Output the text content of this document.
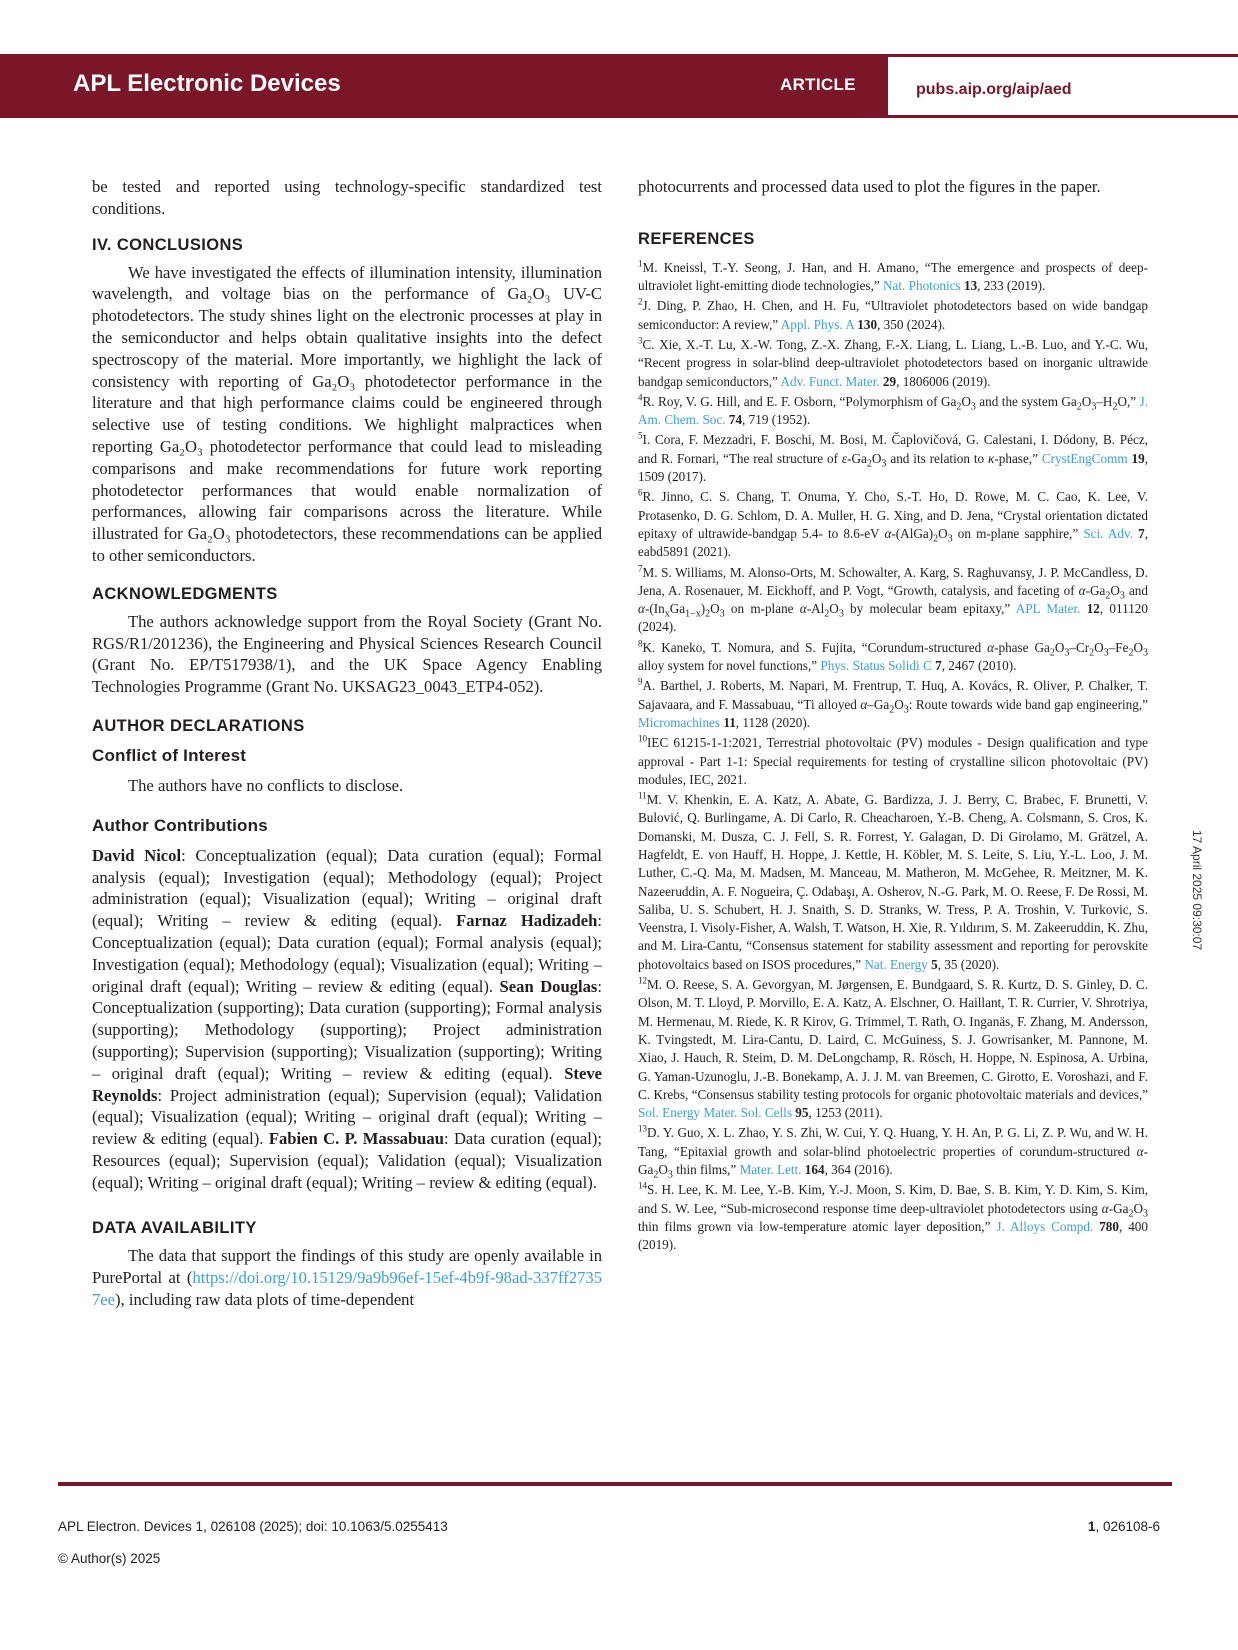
APL Electronic Devices	ARTICLE	pubs.aip.org/aip/aed

be tested and reported using technology-specific standardized test conditions.

IV. CONCLUSIONS

We have investigated the effects of illumination intensity, illumination wavelength, and voltage bias on the performance of Ga₂O₃ UV-C photodetectors. The study shines light on the electronic processes at play in the semiconductor and helps obtain qualitative insights into the defect spectroscopy of the material. More importantly, we highlight the lack of consistency with reporting of Ga₂O₃ photodetector performance in the literature and that high performance claims could be engineered through selective use of testing conditions. We highlight malpractices when reporting Ga₂O₃ photodetector performance that could lead to misleading comparisons and make recommendations for future work reporting photodetector performances that would enable normalization of performances, allowing fair comparisons across the literature. While illustrated for Ga₂O₃ photodetectors, these recommendations can be applied to other semiconductors.

ACKNOWLEDGMENTS

The authors acknowledge support from the Royal Society (Grant No. RGS/R1/201236), the Engineering and Physical Sciences Research Council (Grant No. EP/T517938/1), and the UK Space Agency Enabling Technologies Programme (Grant No. UKSAG23_0043_ETP4-052).

AUTHOR DECLARATIONS
Conflict of Interest

The authors have no conflicts to disclose.

Author Contributions

David Nicol: Conceptualization (equal); Data curation (equal); Formal analysis (equal); Investigation (equal); Methodology (equal); Project administration (equal); Visualization (equal); Writing – original draft (equal); Writing – review & editing (equal). Farnaz Hadizadeh: Conceptualization (equal); Data curation (equal); Formal analysis (equal); Investigation (equal); Methodology (equal); Visualization (equal); Writing – original draft (equal); Writing – review & editing (equal). Sean Douglas: Conceptualization (supporting); Data curation (supporting); Formal analysis (supporting); Methodology (supporting); Project administration (supporting); Supervision (supporting); Visualization (supporting); Writing – original draft (equal); Writing – review & editing (equal). Steve Reynolds: Project administration (equal); Supervision (equal); Validation (equal); Visualization (equal); Writing – original draft (equal); Writing – review & editing (equal). Fabien C. P. Massabuau: Data curation (equal); Resources (equal); Supervision (equal); Validation (equal); Visualization (equal); Writing – original draft (equal); Writing – review & editing (equal).

DATA AVAILABILITY

The data that support the findings of this study are openly available in PurePortal at (https://doi.org/10.15129/9a9b96ef-15ef-4b9f-98ad-337ff27357ee), including raw data plots of time-dependent

photocurrents and processed data used to plot the figures in the paper.

REFERENCES

$^1$M. Kneissl, T.-Y. Seong, J. Han, and H. Amano, “The emergence and prospects of deep-ultraviolet light-emitting diode technologies,” Nat. Photonics 13, 233 (2019).

$^2$J. Ding, P. Zhao, H. Chen, and H. Fu, “Ultraviolet photodetectors based on wide bandgap semiconductor: A review,” Appl. Phys. A 130, 350 (2024).

$^3$C. Xie, X.-T. Lu, X.-W. Tong, Z.-X. Zhang, F.-X. Liang, L. Liang, L.-B. Luo, and Y.-C. Wu, “Recent progress in solar-blind deep-ultraviolet photodetectors based on inorganic ultrawide bandgap semiconductors,” Adv. Funct. Mater. 29, 1806006 (2019).

$^4$R. Roy, V. G. Hill, and E. F. Osborn, “Polymorphism of $Ga_2O_3$ and the system $Ga_2O_3-H_2O$,” J. Am. Chem. Soc. 74, 719 (1952).

$^5$I. Cora, F. Mezzadri, F. Boschi, M. Bosi, M. Čaplovičová, G. Calestani, I. Dódony, B. Pécz, and R. Fornari, “The real structure of $\varepsilon-Ga_2O_3$ and its relation to κ-phase,” CrystEngComm 19, 1509 (2017).

$^6$R. Jinno, C. S. Chang, T. Onuma, Y. Cho, S.-T. Ho, D. Rowe, M. C. Cao, K. Lee, V. Protasenko, D. G. Schlom, D. A. Muller, H. G. Xing, and D. Jena, “Crystal orientation dictated epitaxy of ultrawide-bandgap 5.4- to 8.6-eV $\alpha-(AlGa)_2O_3$ on m-plane sapphire,” Sci. Adv. 7, eabd5891 (2021).

$^7$M. S. Williams, M. Alonso-Orts, M. Schowalter, A. Karg, S. Raghuvansy, J. P. McCandless, D. Jena, A. Rosenauer, M. Eickhoff, and P. Vogt, “Growth, catalysis, and faceting of $\alpha-Ga_2O_3$ and $\alpha-(In_xGa_{1-x})_2O_3$ on m-plane $\alpha-Al_2O_3$ by molecular beam epitaxy,” APL Mater. 12, 011120 (2024).

$^8$K. Kaneko, T. Nomura, and S. Fujita, “Corundum-structured α-phase $Ga_2O_3-Cr_2O_3-Fe_2O_3$ alloy system for novel functions,” Phys. Status Solidi C 7, 2467 (2010).

$^9$A. Barthel, J. Roberts, M. Napari, M. Frentrup, T. Huq, A. Kovács, R. Oliver, P. Chalker, T. Sajavaara, and F. Massabuau, “Ti alloyed $\alpha-Ga_2O_3$: Route towards wide band gap engineering,” Micromachines 11, 1128 (2020).

$^{10}$IEC 61215-1-1:2021, Terrestrial photovoltaic (PV) modules - Design qualification and type approval - Part 1-1: Special requirements for testing of crystalline silicon photovoltaic (PV) modules, IEC, 2021.

$^{11}$M. V. Khenkin, E. A. Katz, A. Abate, G. Bardizza, J. J. Berry, C. Brabec, F. Brunetti, V. Bulović, Q. Burlingame, A. Di Carlo, R. Cheacharoen, Y.-B. Cheng, A. Colsmann, S. Cros, K. Domanski, M. Dusza, C. J. Fell, S. R. Forrest, Y. Galagan, D. Di Girolamo, M. Grätzel, A. Hagfeldt, E. von Hauff, H. Hoppe, J. Kettle, H. Köbler, M. S. Leite, S. Liu, Y.-L. Loo, J. M. Luther, C.-Q. Ma, M. Madsen, M. Manceau, M. Matheron, M. McGehee, R. Meitzner, M. K. Nazeeruddin, A. F. Nogueira, Ç. Odabaşı, A. Osherov, N.-G. Park, M. O. Reese, F. De Rossi, M. Saliba, U. S. Schubert, H. J. Snaith, S. D. Stranks, W. Tress, P. A. Troshin, V. Turkovic, S. Veenstra, I. Visoly-Fisher, A. Walsh, T. Watson, H. Xie, R. Yıldırım, S. M. Zakeeruddin, K. Zhu, and M. Lira-Cantu, “Consensus statement for stability assessment and reporting for perovskite photovoltaics based on ISOS procedures,” Nat. Energy 5, 35 (2020).

$^{12}$M. O. Reese, S. A. Gevorgyan, M. Jørgensen, E. Bundgaard, S. R. Kurtz, D. S. Ginley, D. C. Olson, M. T. Lloyd, P. Morvillo, E. A. Katz, A. Elschner, O. Haillant, T. R. Currier, V. Shrotriya, M. Hermenau, M. Riede, K. R Kirov, G. Trimmel, T. Rath, O. Inganäs, F. Zhang, M. Andersson, K. Tvingstedt, M. Lira-Cantu, D. Laird, C. McGuiness, S. J. Gowrisanker, M. Pannone, M. Xiao, J. Hauch, R. Steim, D. M. DeLongchamp, R. Rösch, H. Hoppe, N. Espinosa, A. Urbina, G. Yaman-Uzunoglu, J.-B. Bonekamp, A. J. J. M. van Breemen, C. Girotto, E. Voroshazi, and F. C. Krebs, “Consensus stability testing protocols for organic photovoltaic materials and devices,” Sol. Energy Mater. Sol. Cells 95, 1253 (2011).

$^{13}$D. Y. Guo, X. L. Zhao, Y. S. Zhi, W. Cui, Y. Q. Huang, Y. H. An, P. G. Li, Z. P. Wu, and W. H. Tang, “Epitaxial growth and solar-blind photoelectric properties of corundum-structured $\alpha-Ga_2O_3$ thin films,” Mater. Lett. 164, 364 (2016).

$^{14}$S. H. Lee, K. M. Lee, Y.-B. Kim, Y.-J. Moon, S. Kim, D. Bae, S. B. Kim, Y. D. Kim, S. Kim, and S. W. Lee, “Sub-microsecond response time deep-ultraviolet photodetectors using $\alpha-Ga_2O_3$ thin films grown via low-temperature atomic layer deposition,” J. Alloys Compd. 780, 400 (2019).

17 April 2025 09:30:07
APL Electron. Devices 1, 026108 (2025); doi: 10.1063/5.0255413
© Author(s) 2025
1, 026108-6
